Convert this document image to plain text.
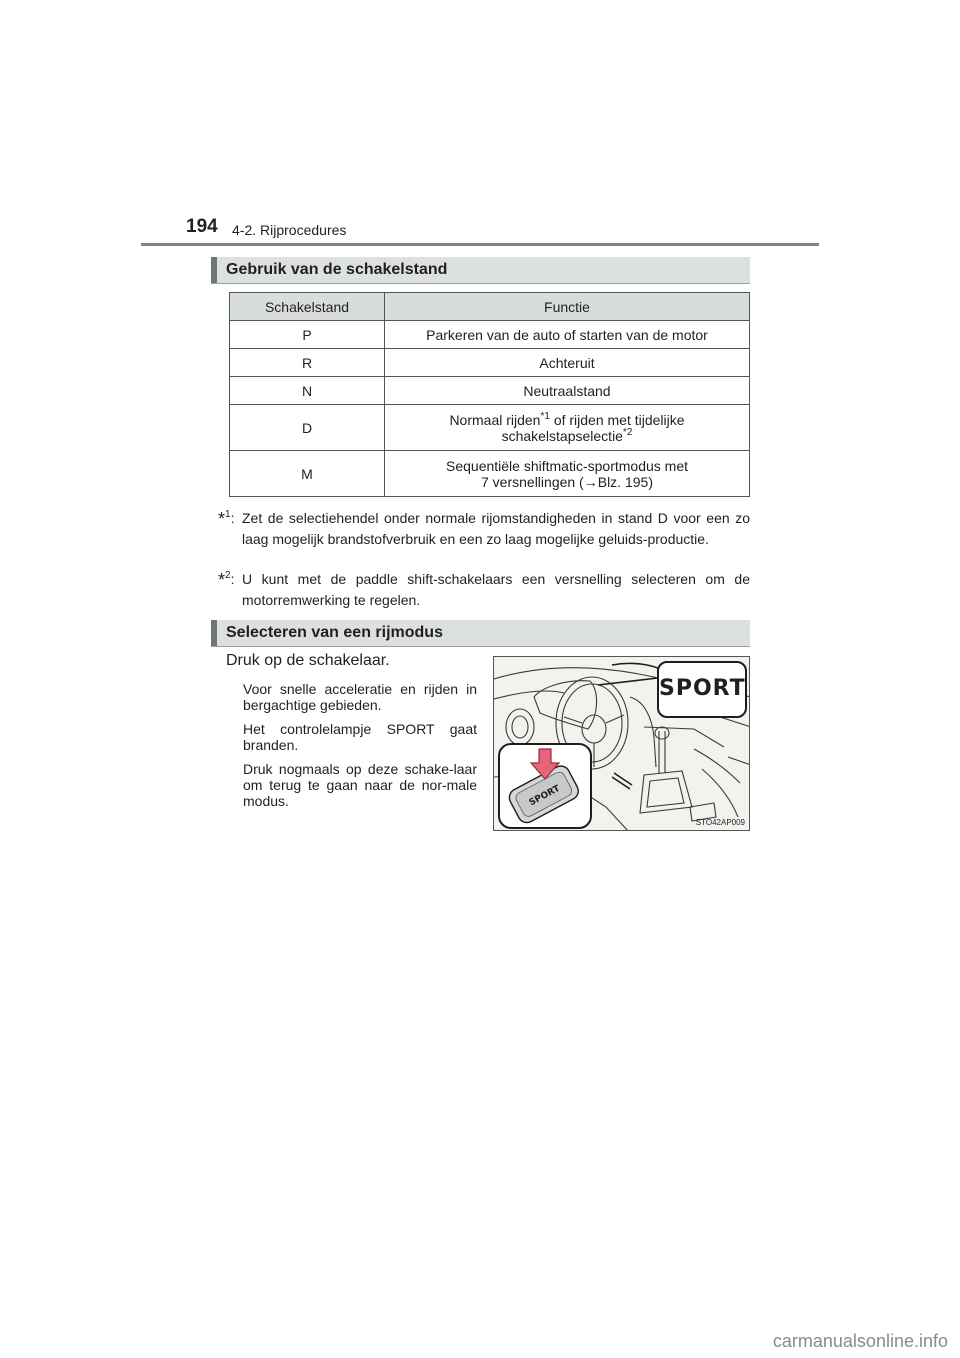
194 4-2. Rijprocedures
Gebruik van de schakelstand
Schakelstand	Functie
P	Parkeren van de auto of starten van de motor
R	Achteruit
N	Neutraalstand
D	Normaal rijden$^{*1}$ of rijden met tijdelijke
schakelstapselectie$^{*2}$
M	Sequentiële shiftmatic-sportmodus met
7 versnellingen (→Blz. 195)
*$^1$: Zet de selectiehendel onder normale rijomstandigheden in stand D voor een zo laag mogelijk brandstofverbruik en een zo laag mogelijke geluids-productie.
*$^2$: U kunt met de paddle shift-schakelaars een versnelling selecteren om de motorremwerking te regelen.
Selecteren van een rijmodus
Druk op de schakelaar.
Voor snelle acceleratie en rijden in bergachtige gebieden.
Het controlelampje SPORT gaat branden.
Druk nogmaals op deze schake-laar om terug te gaan naar de nor-male modus.	SPORT
SPORT
STO42AP009
carmanualsonline.info
